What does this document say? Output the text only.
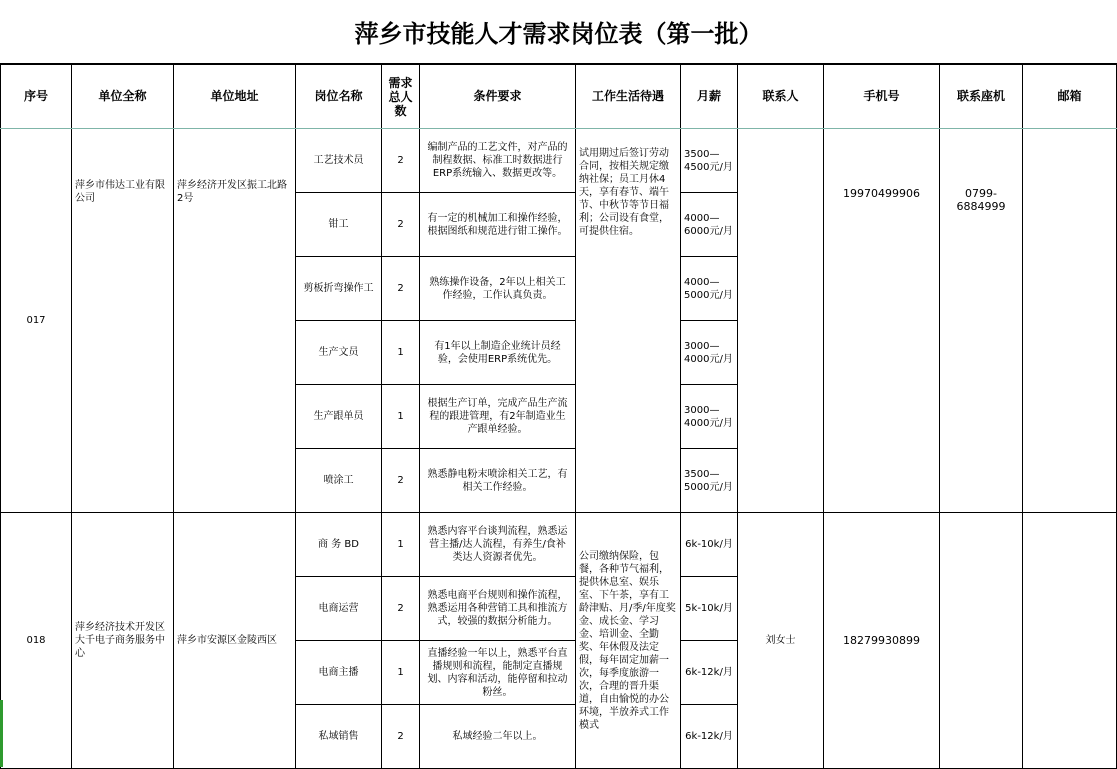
萍乡市技能人才需求岗位表（第一批）
序号	单位全称	单位地址	岗位名称	需求总人数	条件要求	工作生活待遇	月薪	联系人	手机号	联系座机	邮箱
017	萍乡市伟达工业有限公司	萍乡经济开发区振工北路2号	工艺技术员	2	编制产品的工艺文件，对产品的制程数据、标准工时数据进行ERP系统输入、数据更改等。	试用期过后签订劳动合同，按相关规定缴纳社保；员工月休4天，享有春节、端午节、中秋节等节日福利；公司设有食堂，可提供住宿。	3500—4500元/月		19970499906	0799-6884999	
			钳工	2	有一定的机械加工和操作经验，根据图纸和规范进行钳工操作。		4000—6000元/月				
			剪板折弯操作工	2	熟练操作设备，2年以上相关工作经验，工作认真负责。		4000—5000元/月				
			生产文员	1	有1年以上制造企业统计员经验，会使用ERP系统优先。		3000—4000元/月				
			生产跟单员	1	根据生产订单，完成产品生产流程的跟进管理，有2年制造业生产跟单经验。		3000—4000元/月				
			喷涂工	2	熟悉静电粉末喷涂相关工艺，有相关工作经验。		3500—5000元/月				
018	萍乡经济技术开发区大千电子商务服务中心	萍乡市安源区金陵西区	商 务 BD	1	熟悉内容平台谈判流程，熟悉运营主播/达人流程，有养生/食补类达人资源者优先。	公司缴纳保险，包餐，各种节气福利，提供休息室、娱乐室、下午茶，享有工龄津贴、月/季/年度奖金、成长金、学习金、培训金、全勤奖、年休假及法定假，每年固定加薪一次，每季度旅游一次，合理的晋升渠道，自由愉悦的办公环境，半放养式工作模式	6k-10k/月	刘女士	18279930899		
			电商运营	2	熟悉电商平台规则和操作流程，熟悉运用各种营销工具和推流方式，较强的数据分析能力。		5k-10k/月				
			电商主播	1	直播经验一年以上，熟悉平台直播规则和流程，能制定直播规划、内容和活动，能停留和拉动粉丝。		6k-12k/月				
			私域销售	2	私域经验二年以上。		6k-12k/月				
